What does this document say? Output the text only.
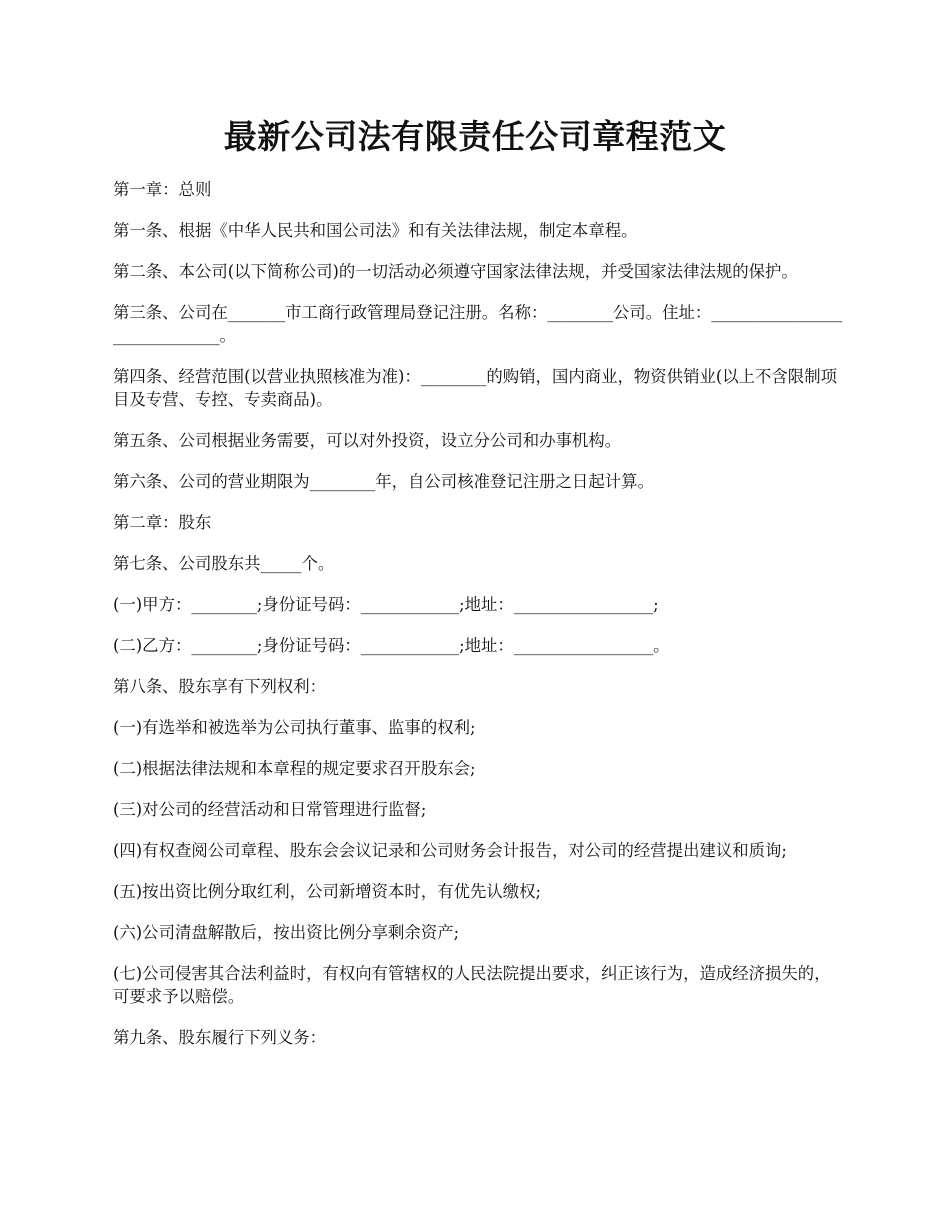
最新公司法有限责任公司章程范文

第一章：总则

第一条、根据《中华人民共和国公司法》和有关法律法规，制定本章程。

第二条、本公司(以下简称公司)的一切活动必须遵守国家法律法规，并受国家法律法规的保护。

第三条、公司在_______市工商行政管理局登记注册。名称：________公司。住址：_____________________________。

第四条、经营范围(以营业执照核准为准)：________的购销，国内商业，物资供销业(以上不含限制项目及专营、专控、专卖商品)。

第五条、公司根据业务需要，可以对外投资，设立分公司和办事机构。

第六条、公司的营业期限为________年，自公司核准登记注册之日起计算。

第二章：股东

第七条、公司股东共_____个。

(一)甲方：________;身份证号码：____________;地址：_________________;

(二)乙方：________;身份证号码：____________;地址：_________________。

第八条、股东享有下列权利：

(一)有选举和被选举为公司执行董事、监事的权利;

(二)根据法律法规和本章程的规定要求召开股东会;

(三)对公司的经营活动和日常管理进行监督;

(四)有权查阅公司章程、股东会会议记录和公司财务会计报告，对公司的经营提出建议和质询;

(五)按出资比例分取红利，公司新增资本时，有优先认缴权;

(六)公司清盘解散后，按出资比例分享剩余资产;

(七)公司侵害其合法利益时，有权向有管辖权的人民法院提出要求，纠正该行为，造成经济损失的，可要求予以赔偿。

第九条、股东履行下列义务：
